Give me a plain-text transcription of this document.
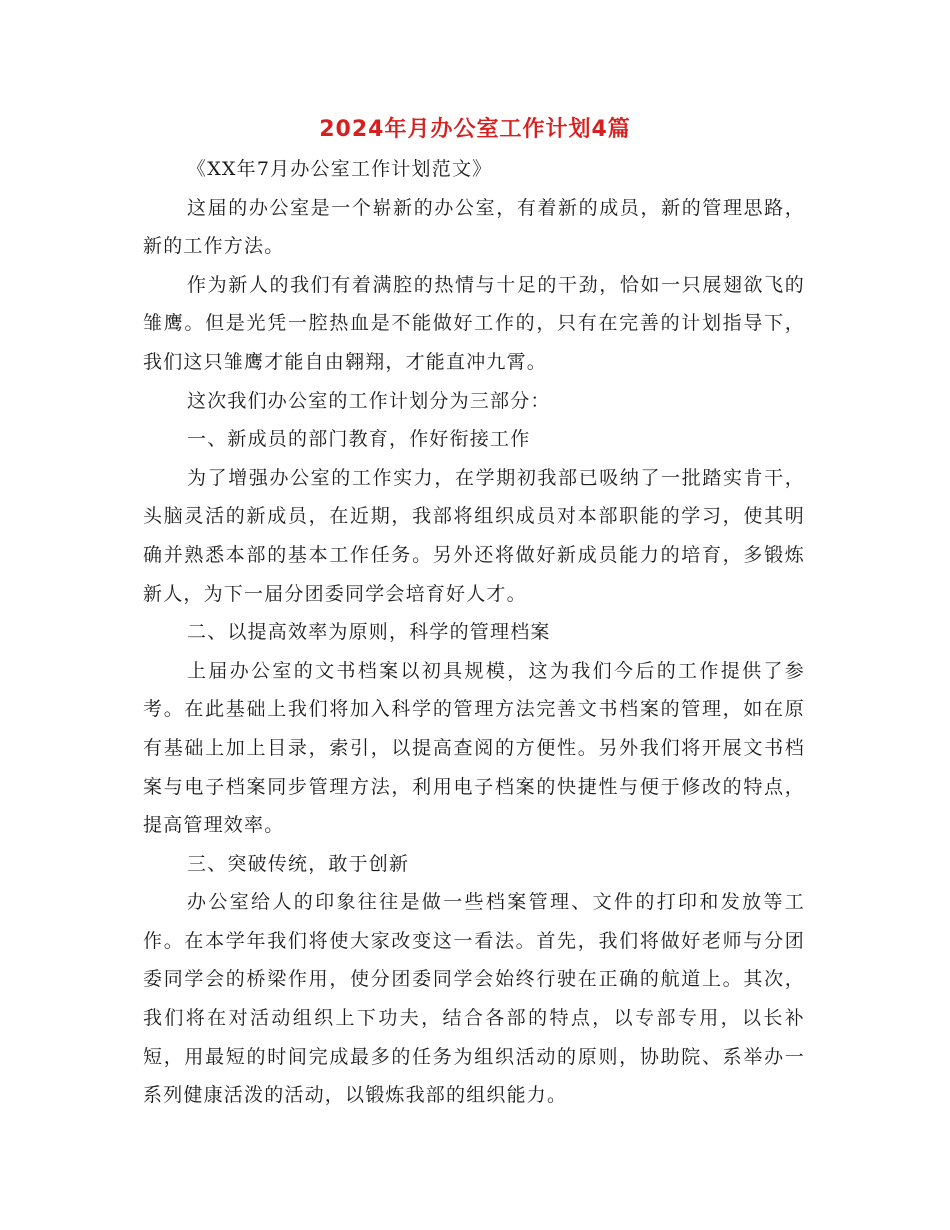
2024年月办公室工作计划4篇

《XX年7月办公室工作计划范文》

这届的办公室是一个崭新的办公室，有着新的成员，新的管理思路，新的工作方法。

作为新人的我们有着满腔的热情与十足的干劲，恰如一只展翅欲飞的雏鹰。但是光凭一腔热血是不能做好工作的，只有在完善的计划指导下，我们这只雏鹰才能自由翱翔，才能直冲九霄。

这次我们办公室的工作计划分为三部分：

一、新成员的部门教育，作好衔接工作

为了增强办公室的工作实力，在学期初我部已吸纳了一批踏实肯干，头脑灵活的新成员，在近期，我部将组织成员对本部职能的学习，使其明确并熟悉本部的基本工作任务。另外还将做好新成员能力的培育，多锻炼新人，为下一届分团委同学会培育好人才。

二、以提高效率为原则，科学的管理档案

上届办公室的文书档案以初具规模，这为我们今后的工作提供了参考。在此基础上我们将加入科学的管理方法完善文书档案的管理，如在原有基础上加上目录，索引，以提高查阅的方便性。另外我们将开展文书档案与电子档案同步管理方法，利用电子档案的快捷性与便于修改的特点，提高管理效率。

三、突破传统，敢于创新

办公室给人的印象往往是做一些档案管理、文件的打印和发放等工作。在本学年我们将使大家改变这一看法。首先，我们将做好老师与分团委同学会的桥梁作用，使分团委同学会始终行驶在正确的航道上。其次，我们将在对活动组织上下功夫，结合各部的特点，以专部专用，以长补短，用最短的时间完成最多的任务为组织活动的原则，协助院、系举办一系列健康活泼的活动，以锻炼我部的组织能力。
